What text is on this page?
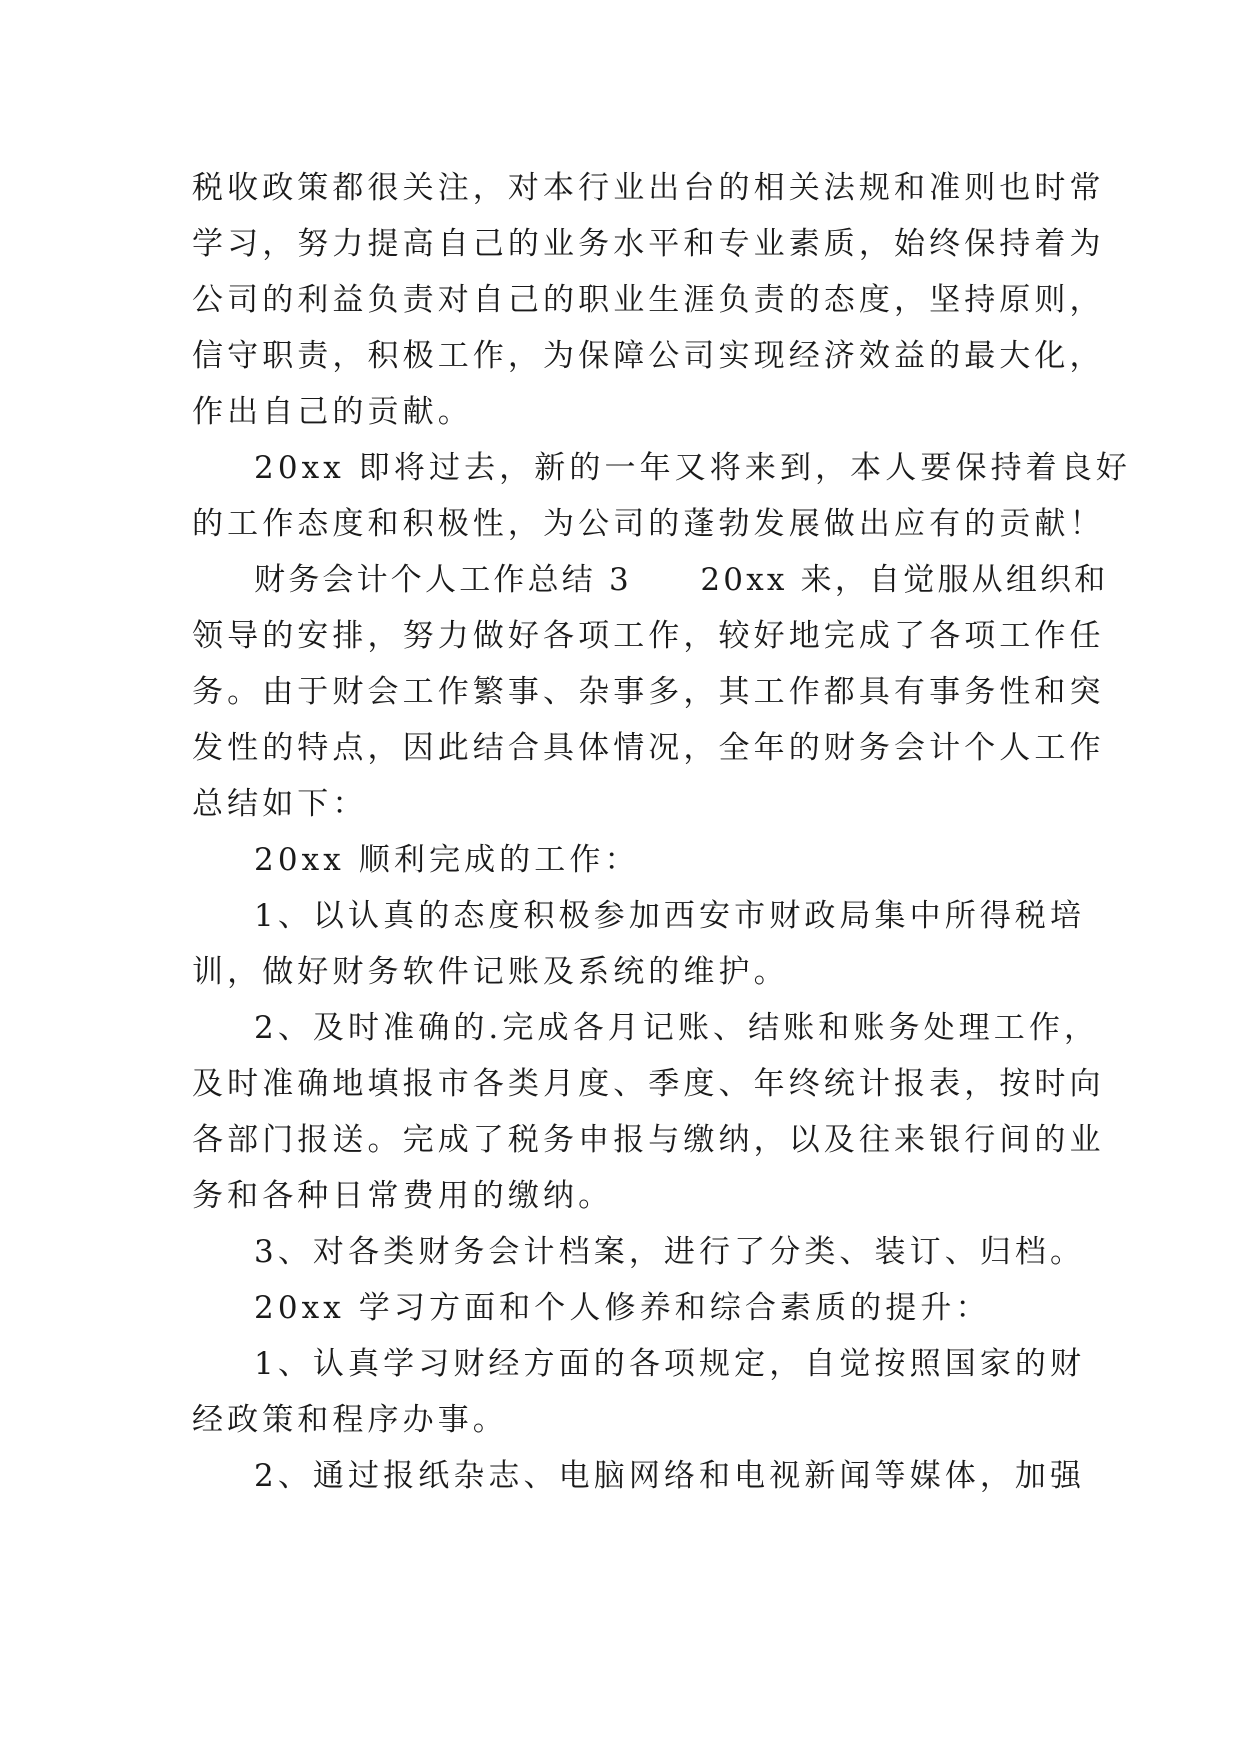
税收政策都很关注，对本行业出台的相关法规和准则也时常
学习，努力提高自己的业务水平和专业素质，始终保持着为
公司的利益负责对自己的职业生涯负责的态度，坚持原则，
信守职责，积极工作，为保障公司实现经济效益的最大化，
作出自己的贡献。
20xx 即将过去，新的一年又将来到，本人要保持着良好
的工作态度和积极性，为公司的蓬勃发展做出应有的贡献！
财务会计个人工作总结 3　　20xx 来，自觉服从组织和
领导的安排，努力做好各项工作，较好地完成了各项工作任
务。由于财会工作繁事、杂事多，其工作都具有事务性和突
发性的特点，因此结合具体情况，全年的财务会计个人工作
总结如下：
20xx 顺利完成的工作：
1、以认真的态度积极参加西安市财政局集中所得税培
训，做好财务软件记账及系统的维护。
2、及时准确的.完成各月记账、结账和账务处理工作，
及时准确地填报市各类月度、季度、年终统计报表，按时向
各部门报送。完成了税务申报与缴纳，以及往来银行间的业
务和各种日常费用的缴纳。
3、对各类财务会计档案，进行了分类、装订、归档。
20xx 学习方面和个人修养和综合素质的提升：
1、认真学习财经方面的各项规定，自觉按照国家的财
经政策和程序办事。
2、通过报纸杂志、电脑网络和电视新闻等媒体，加强
